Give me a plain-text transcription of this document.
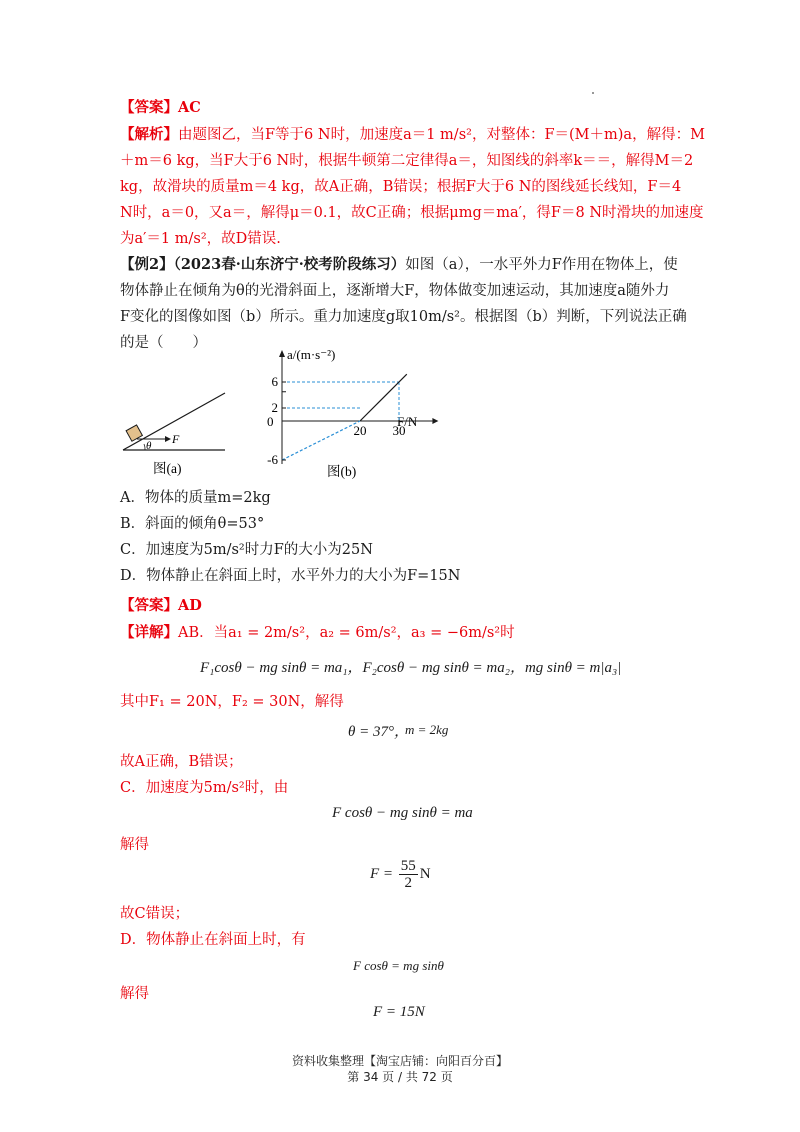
【答案】AC
【解析】由题图乙，当F等于6 N时，加速度a＝1 m/s²，对整体：F＝(M＋m)a，解得：M
＋m＝6 kg，当F大于6 N时，根据牛顿第二定律得a＝，知图线的斜率k＝＝，解得M＝2
kg，故滑块的质量m＝4 kg，故A正确，B错误；根据F大于6 N的图线延长线知，F＝4
N时，a＝0，又a＝，解得μ＝0.1，故C正确；根据μmg＝ma′，得F＝8 N时滑块的加速度
为a′＝1 m/s²，故D错误.
【例2】（2023春·山东济宁·校考阶段练习）如图（a），一水平外力F作用在物体上，使
物体静止在倾角为θ的光滑斜面上，逐渐增大F，物体做变加速运动，其加速度a随外力
F变化的图像如图（b）所示。重力加速度g取10m/s²。根据图（b）判断，下列说法正确
的是（　　）
F
θ
图(a)
a/(m·s⁻²)
F/N
0
图(b)
6
2
-6
20 30
A．物体的质量m=2kg
B．斜面的倾角θ=53°
C．加速度为5m/s²时力F的大小为25N
D．物体静止在斜面上时，水平外力的大小为F=15N
【答案】AD
【详解】AB．当a₁ = 2m/s²，a₂ = 6m/s²，a₃ = −6m/s²时
F₁cosθ − mg sinθ = ma₁，F₂cosθ − mg sinθ = ma₂，mg sinθ = m|a₃|
其中F₁ = 20N，F₂ = 30N，解得
θ = 37°，
m = 2kg
故A正确，B错误；
C．加速度为5m/s²时，由
F cosθ − mg sinθ = ma
解得
$F = \frac{55}{2}$ N
故C错误；
D．物体静止在斜面上时，有
F cosθ = mg sinθ
解得
F = 15N
资料收集整理【淘宝店铺：向阳百分百】
第 34 页 / 共 72 页
